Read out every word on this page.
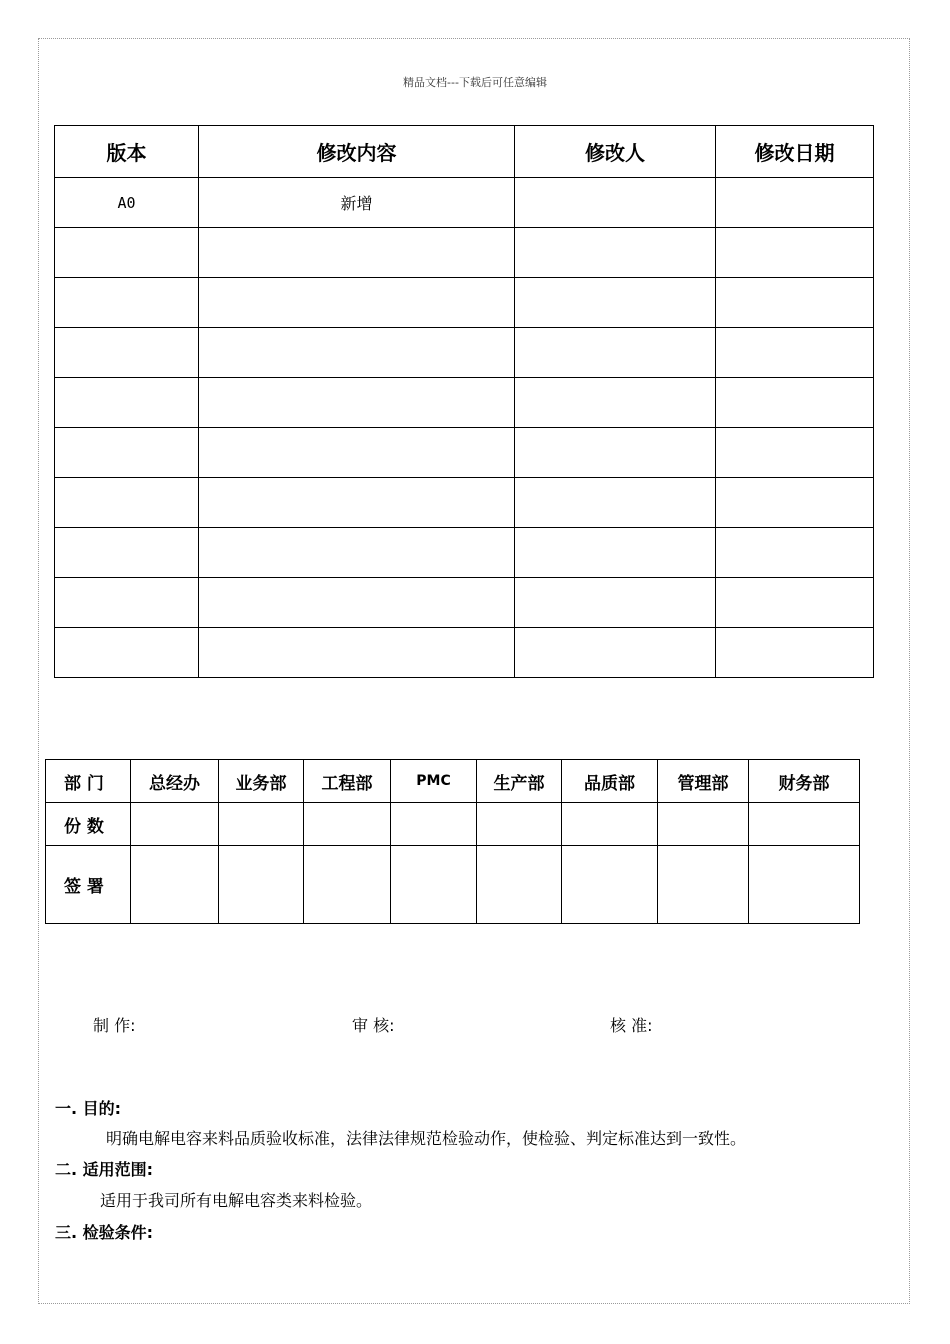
精品文档---下载后可任意编辑
版本	修改内容	修改人	修改日期
A0	新增		

部 门	总经办	业务部	工程部	PMC	生产部	品质部	管理部	财务部
份 数								
签 署								
制 作:	审 核:	核 准:
一. 目的:
明确电解电容来料品质验收标准，法律法律规范检验动作，使检验、判定标准达到一致性。
二. 适用范围:
适用于我司所有电解电容类来料检验。
三. 检验条件:
